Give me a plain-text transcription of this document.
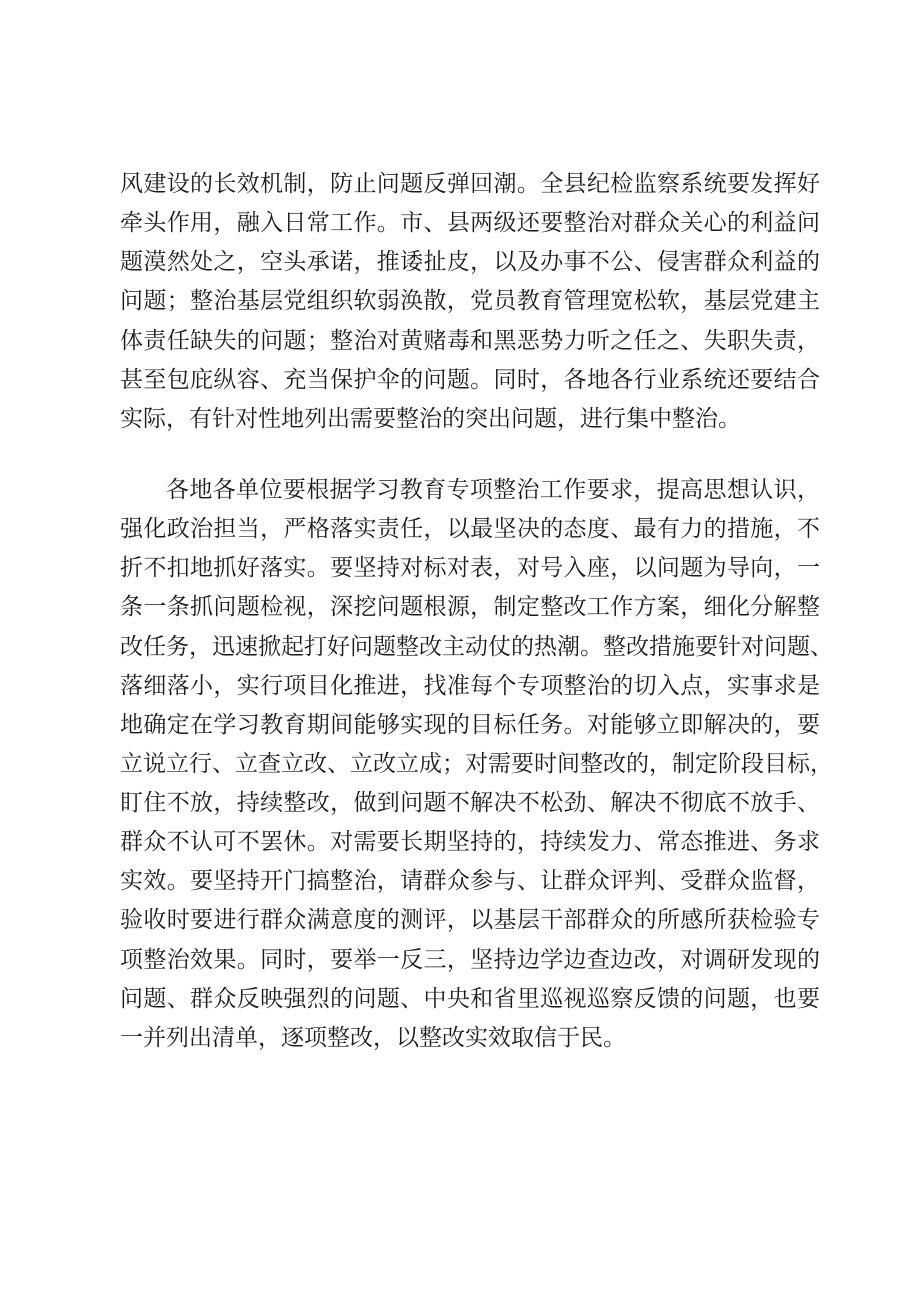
风建设的长效机制，防止问题反弹回潮。全县纪检监察系统要发挥好
牵头作用，融入日常工作。市、县两级还要整治对群众关心的利益问
题漠然处之，空头承诺，推诿扯皮，以及办事不公、侵害群众利益的
问题；整治基层党组织软弱涣散，党员教育管理宽松软，基层党建主
体责任缺失的问题；整治对黄赌毒和黑恶势力听之任之、失职失责，
甚至包庇纵容、充当保护伞的问题。同时，各地各行业系统还要结合
实际，有针对性地列出需要整治的突出问题，进行集中整治。
各地各单位要根据学习教育专项整治工作要求，提高思想认识，
强化政治担当，严格落实责任，以最坚决的态度、最有力的措施，不
折不扣地抓好落实。要坚持对标对表，对号入座，以问题为导向，一
条一条抓问题检视，深挖问题根源，制定整改工作方案，细化分解整
改任务，迅速掀起打好问题整改主动仗的热潮。整改措施要针对问题、
落细落小，实行项目化推进，找准每个专项整治的切入点，实事求是
地确定在学习教育期间能够实现的目标任务。对能够立即解决的，要
立说立行、立查立改、立改立成；对需要时间整改的，制定阶段目标，
盯住不放，持续整改，做到问题不解决不松劲、解决不彻底不放手、
群众不认可不罢休。对需要长期坚持的，持续发力、常态推进、务求
实效。要坚持开门搞整治，请群众参与、让群众评判、受群众监督，
验收时要进行群众满意度的测评，以基层干部群众的所感所获检验专
项整治效果。同时，要举一反三，坚持边学边查边改，对调研发现的
问题、群众反映强烈的问题、中央和省里巡视巡察反馈的问题，也要
一并列出清单，逐项整改，以整改实效取信于民。
